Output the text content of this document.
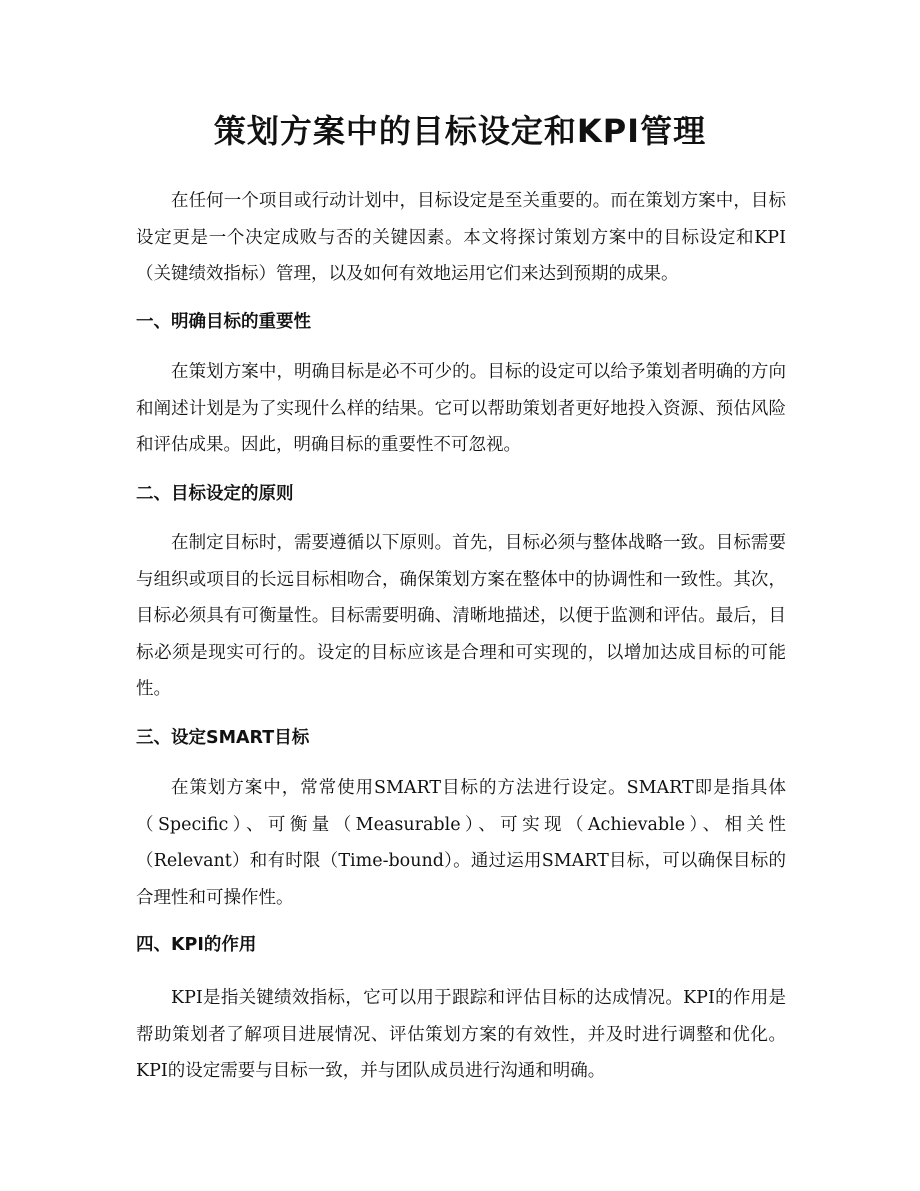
策划方案中的目标设定和KPI管理

在任何一个项目或行动计划中，目标设定是至关重要的。而在策划方案中，目标设定更是一个决定成败与否的关键因素。本文将探讨策划方案中的目标设定和KPI（关键绩效指标）管理，以及如何有效地运用它们来达到预期的成果。

一、明确目标的重要性

在策划方案中，明确目标是必不可少的。目标的设定可以给予策划者明确的方向和阐述计划是为了实现什么样的结果。它可以帮助策划者更好地投入资源、预估风险和评估成果。因此，明确目标的重要性不可忽视。

二、目标设定的原则

在制定目标时，需要遵循以下原则。首先，目标必须与整体战略一致。目标需要与组织或项目的长远目标相吻合，确保策划方案在整体中的协调性和一致性。其次，目标必须具有可衡量性。目标需要明确、清晰地描述，以便于监测和评估。最后，目标必须是现实可行的。设定的目标应该是合理和可实现的，以增加达成目标的可能性。

三、设定SMART目标

在策划方案中，常常使用SMART目标的方法进行设定。SMART即是指具体（Specific）、可衡量（Measurable）、可实现（Achievable）、相关性（Relevant）和有时限（Time-bound）。通过运用SMART目标，可以确保目标的合理性和可操作性。

四、KPI的作用

KPI是指关键绩效指标，它可以用于跟踪和评估目标的达成情况。KPI的作用是帮助策划者了解项目进展情况、评估策划方案的有效性，并及时进行调整和优化。KPI的设定需要与目标一致，并与团队成员进行沟通和明确。
